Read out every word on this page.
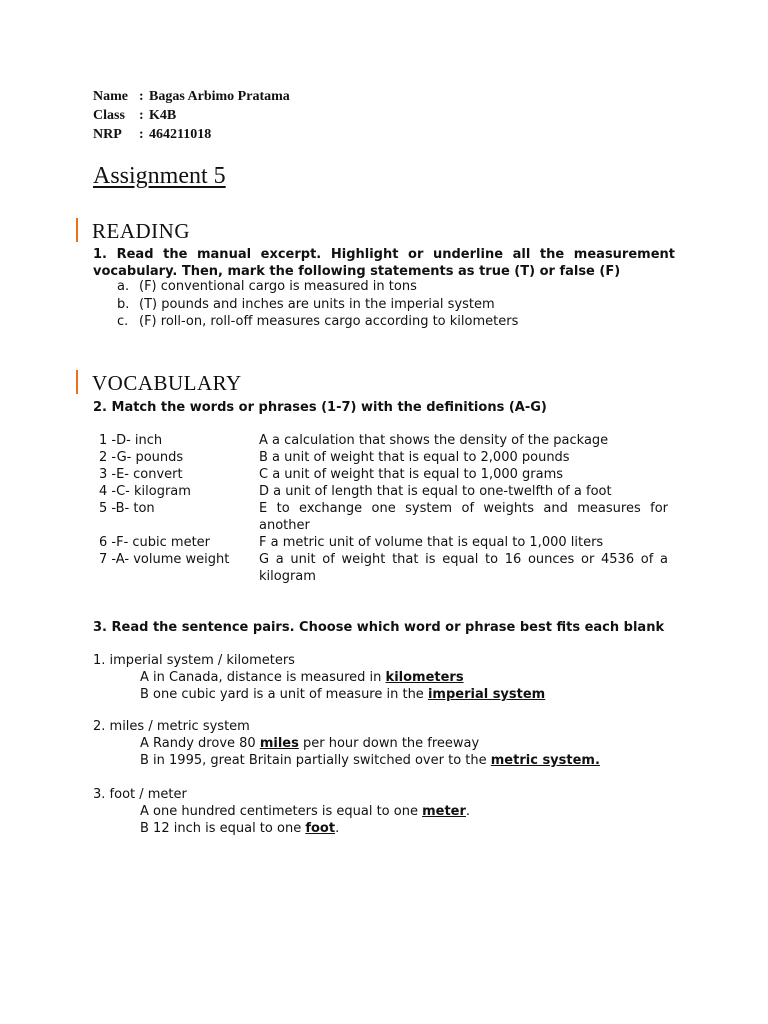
Name : Bagas Arbimo Pratama
Class	: K4B
NRP	: 464211018
Assignment 5
READING
1. Read the manual excerpt. Highlight or underline all the measurement vocabulary. Then, mark the following statements as true (T) or false (F)
a. (F) conventional cargo is measured in tons
b. (T) pounds and inches are units in the imperial system
c. (F) roll-on, roll-off measures cargo according to kilometers
VOCABULARY
2. Match the words or phrases (1-7) with the definitions (A-G)
1 -D- inch	A a calculation that shows the density of the package
2 -G- pounds	B a unit of weight that is equal to 2,000 pounds
3 -E- convert	C a unit of weight that is equal to 1,000 grams
4 -C- kilogram	D a unit of length that is equal to one-twelfth of a foot
5 -B- ton	E to exchange one system of weights and measures for another
6 -F- cubic meter	F a metric unit of volume that is equal to 1,000 liters
7 -A- volume weight	G a unit of weight that is equal to 16 ounces or 4536 of a kilogram
3. Read the sentence pairs. Choose which word or phrase best fits each blank
1. imperial system / kilometers
A in Canada, distance is measured in kilometers
B one cubic yard is a unit of measure in the imperial system
2. miles / metric system
A Randy drove 80 miles per hour down the freeway
B in 1995, great Britain partially switched over to the metric system.
3. foot / meter
A one hundred centimeters is equal to one meter.
B 12 inch is equal to one foot.
